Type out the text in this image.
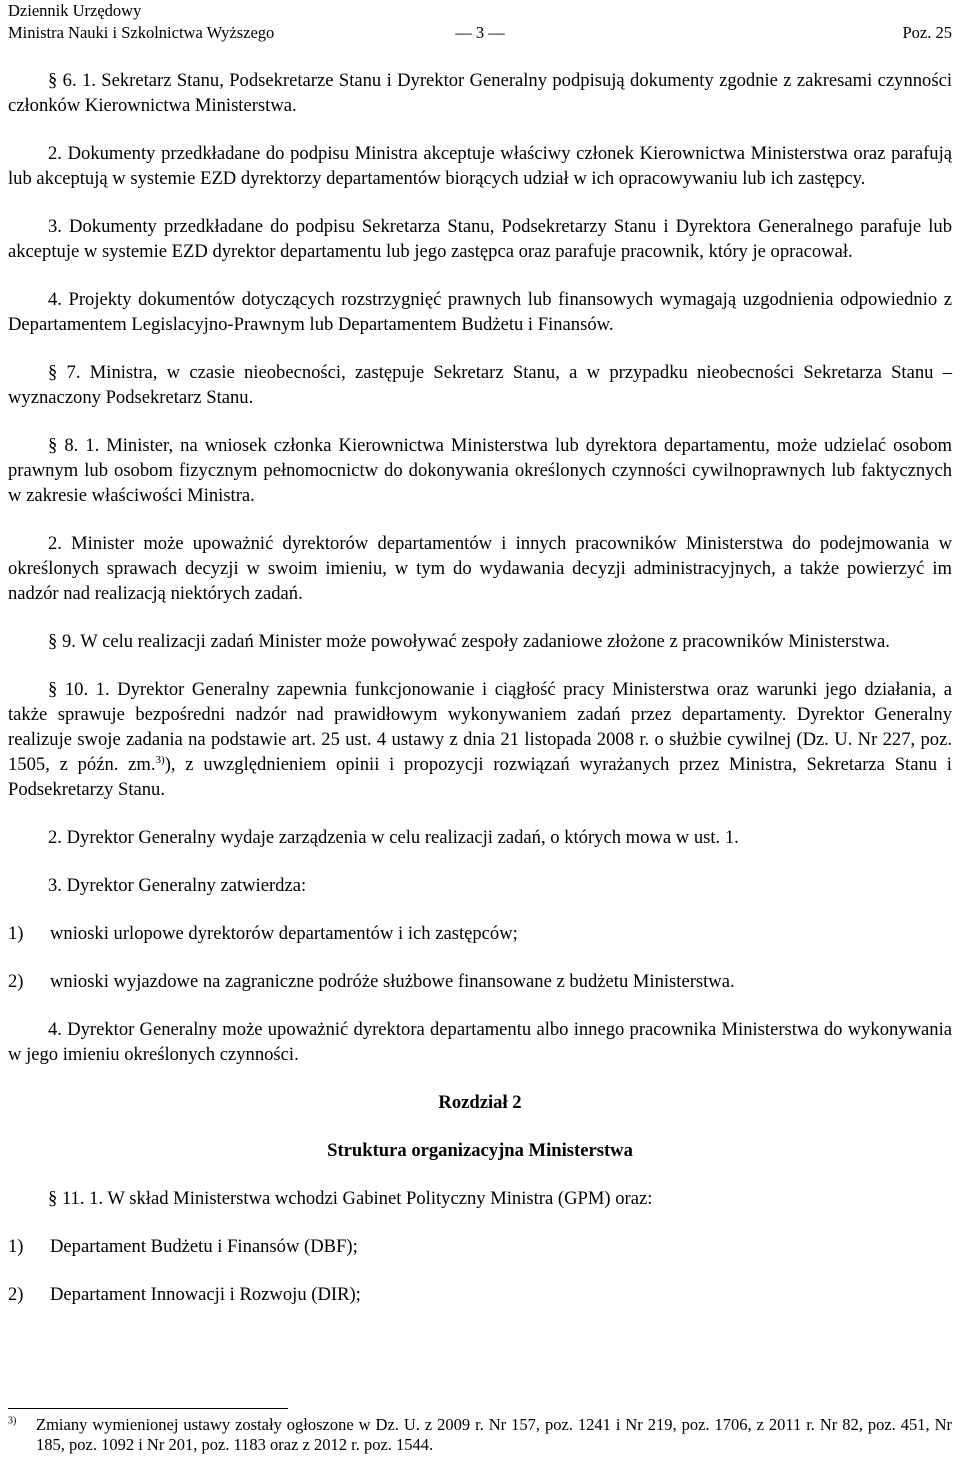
Dziennik Urzędowy
Ministra Nauki i Szkolnictwa Wyższego	Poz. 25
— 3 —

§ 6. 1. Sekretarz Stanu, Podsekretarze Stanu i Dyrektor Generalny podpisują dokumenty zgodnie z zakresami czynności członków Kierownictwa Ministerstwa.

2. Dokumenty przedkładane do podpisu Ministra akceptuje właściwy członek Kierownictwa Ministerstwa oraz parafują lub akceptują w systemie EZD dyrektorzy departamentów biorących udział w ich opracowywaniu lub ich zastępcy.

3. Dokumenty przedkładane do podpisu Sekretarza Stanu, Podsekretarzy Stanu i Dyrektora Generalnego parafuje lub akceptuje w systemie EZD dyrektor departamentu lub jego zastępca oraz parafuje pracownik, który je opracował.

4. Projekty dokumentów dotyczących rozstrzygnięć prawnych lub finansowych wymagają uzgodnienia odpowiednio z Departamentem Legislacyjno-Prawnym lub Departamentem Budżetu i Finansów.

§ 7. Ministra, w czasie nieobecności, zastępuje Sekretarz Stanu, a w przypadku nieobecności Sekretarza Stanu – wyznaczony Podsekretarz Stanu.

§ 8. 1. Minister, na wniosek członka Kierownictwa Ministerstwa lub dyrektora departamentu, może udzielać osobom prawnym lub osobom fizycznym pełnomocnictw do dokonywania określonych czynności cywilnoprawnych lub faktycznych w zakresie właściwości Ministra.

2. Minister może upoważnić dyrektorów departamentów i innych pracowników Ministerstwa do podejmowania w określonych sprawach decyzji w swoim imieniu, w tym do wydawania decyzji administracyjnych, a także powierzyć im nadzór nad realizacją niektórych zadań.

§ 9. W celu realizacji zadań Minister może powoływać zespoły zadaniowe złożone z pracowników Ministerstwa.

§ 10. 1. Dyrektor Generalny zapewnia funkcjonowanie i ciągłość pracy Ministerstwa oraz warunki jego działania, a także sprawuje bezpośredni nadzór nad prawidłowym wykonywaniem zadań przez departamenty. Dyrektor Generalny realizuje swoje zadania na podstawie art. 25 ust. 4 ustawy z dnia 21 listopada 2008 r. o służbie cywilnej (Dz. U. Nr 227, poz. 1505, z późn. zm.$^{3)}$), z uwzględnieniem opinii i propozycji rozwiązań wyrażanych przez Ministra, Sekretarza Stanu i Podsekretarzy Stanu.

2. Dyrektor Generalny wydaje zarządzenia w celu realizacji zadań, o których mowa w ust. 1.

3. Dyrektor Generalny zatwierdza:

1)	wnioski urlopowe dyrektorów departamentów i ich zastępców;
2)	wnioski wyjazdowe na zagraniczne podróże służbowe finansowane z budżetu Ministerstwa.

4. Dyrektor Generalny może upoważnić dyrektora departamentu albo innego pracownika Ministerstwa do wykonywania w jego imieniu określonych czynności.

Rozdział 2
Struktura organizacyjna Ministerstwa

§ 11. 1. W skład Ministerstwa wchodzi Gabinet Polityczny Ministra (GPM) oraz:

1)	Departament Budżetu i Finansów (DBF);
2)	Departament Innowacji i Rozwoju (DIR);
$^{3)}$	Zmiany wymienionej ustawy zostały ogłoszone w Dz. U. z 2009 r. Nr 157, poz. 1241 i Nr 219, poz. 1706, z 2011 r. Nr 82, poz. 451, Nr 185, poz. 1092 i Nr 201, poz. 1183 oraz z 2012 r. poz. 1544.
